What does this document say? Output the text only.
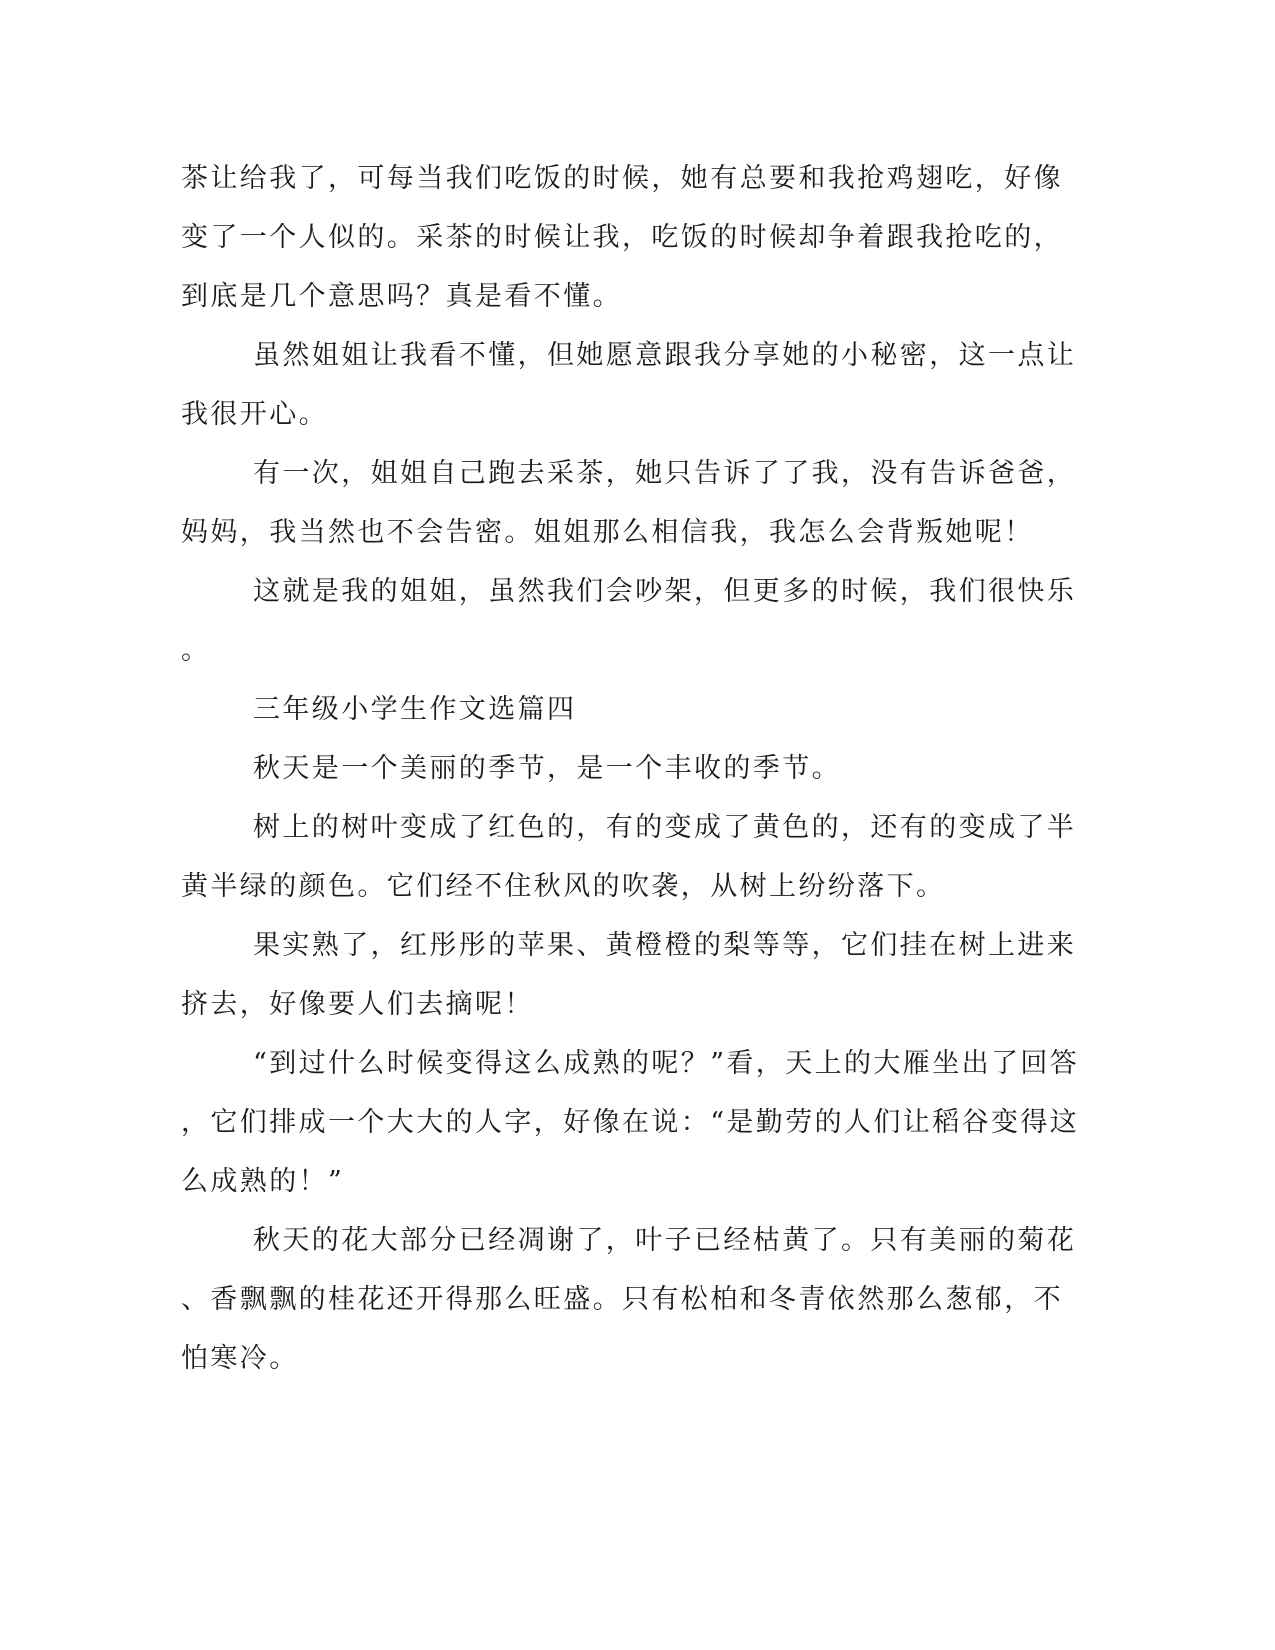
茶让给我了，可每当我们吃饭的时候，她有总要和我抢鸡翅吃，好像
变了一个人似的。采茶的时候让我，吃饭的时候却争着跟我抢吃的，
到底是几个意思吗？真是看不懂。
虽然姐姐让我看不懂，但她愿意跟我分享她的小秘密，这一点让
我很开心。
有一次，姐姐自己跑去采茶，她只告诉了了我，没有告诉爸爸，
妈妈，我当然也不会告密。姐姐那么相信我，我怎么会背叛她呢！
这就是我的姐姐，虽然我们会吵架，但更多的时候，我们很快乐
。
三年级小学生作文选篇四
秋天是一个美丽的季节，是一个丰收的季节。
树上的树叶变成了红色的，有的变成了黄色的，还有的变成了半
黄半绿的颜色。它们经不住秋风的吹袭，从树上纷纷落下。
果实熟了，红彤彤的苹果、黄橙橙的梨等等，它们挂在树上进来
挤去，好像要人们去摘呢！
“到过什么时候变得这么成熟的呢？”看，天上的大雁坐出了回答
，它们排成一个大大的人字，好像在说：“是勤劳的人们让稻谷变得这
么成熟的！”
秋天的花大部分已经凋谢了，叶子已经枯黄了。只有美丽的菊花
、香飘飘的桂花还开得那么旺盛。只有松柏和冬青依然那么葱郁，不
怕寒冷。
